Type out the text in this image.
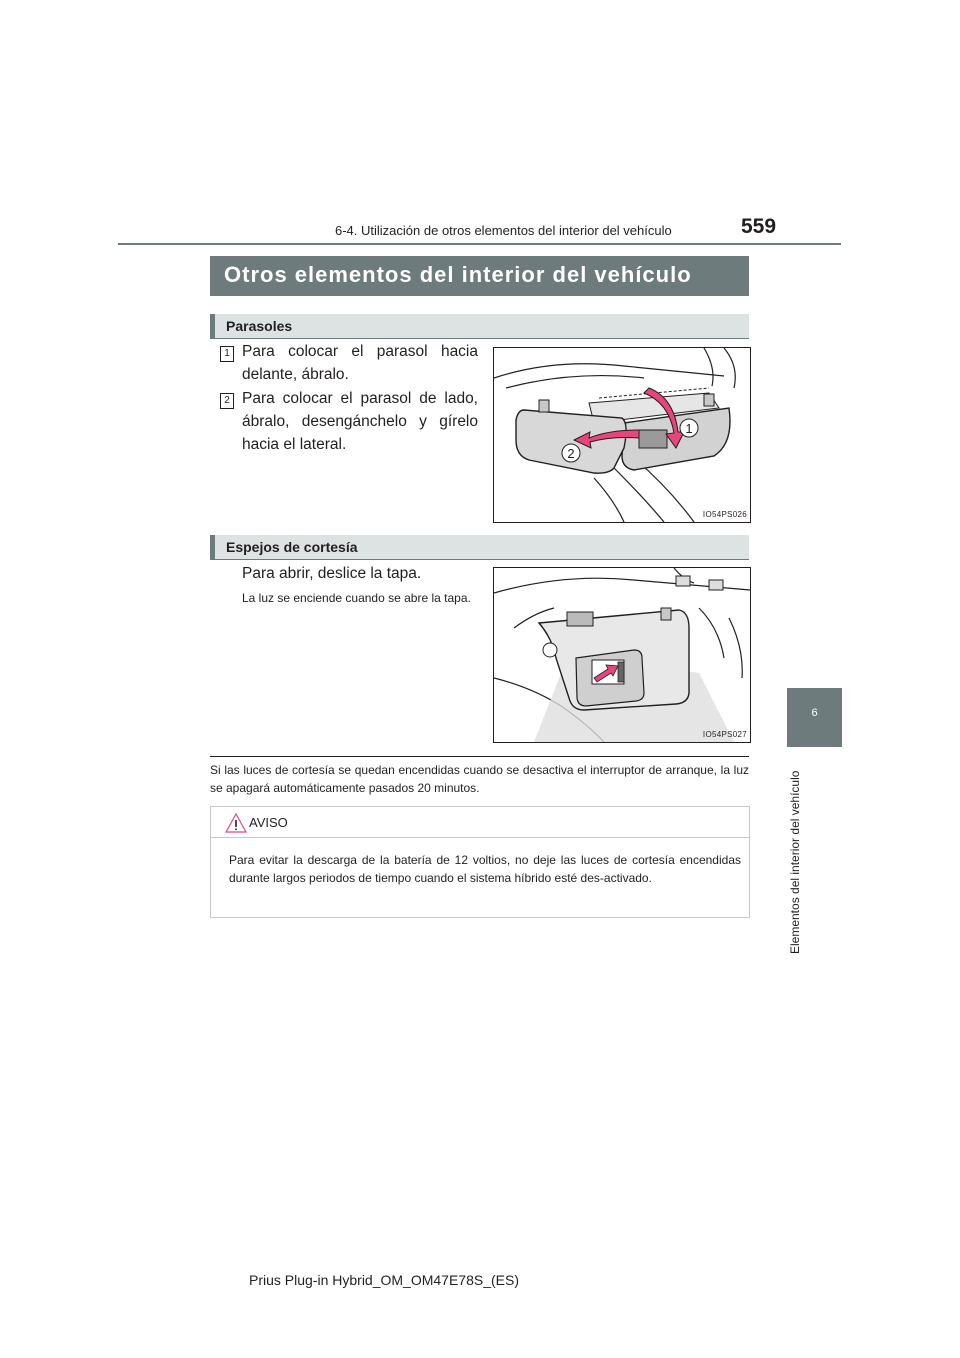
6-4. Utilización de otros elementos del interior del vehículo	559
6
Elementos del interior del vehículo
Otros elementos del interior del vehículo
Parasoles
1 Para colocar el parasol hacia delante, ábralo.
2 Para colocar el parasol de lado, ábralo, desengánchelo y gírelo hacia el lateral.
1
2
IO54PS026
Espejos de cortesía
Para abrir, deslice la tapa.
La luz se enciende cuando se abre la tapa.
IO54PS027
Si las luces de cortesía se quedan encendidas cuando se desactiva el interruptor de arranque, la luz se apagará automáticamente pasados 20 minutos.
AVISO
Para evitar la descarga de la batería de 12 voltios, no deje las luces de cortesía encendidas durante largos periodos de tiempo cuando el sistema híbrido esté des-activado.
Prius Plug-in Hybrid_OM_OM47E78S_(ES)
